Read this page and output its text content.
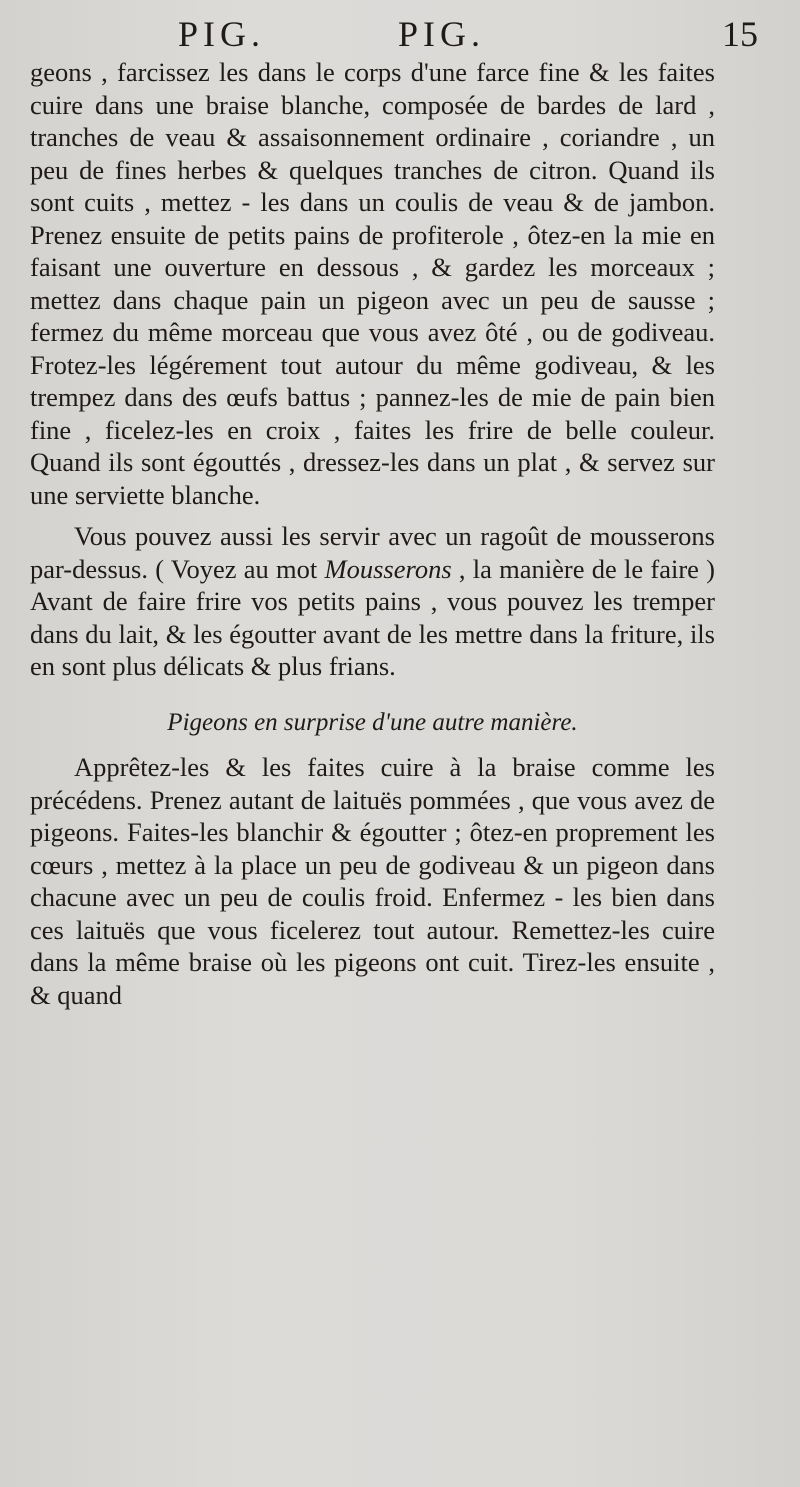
PIG.	PIG.	15

geons , farcissez les dans le corps d'une farce fine & les faites cuire dans une braise blanche, composée de bardes de lard , tranches de veau & assaisonnement ordinaire , coriandre , un peu de fines herbes & quelques tranches de citron. Quand ils sont cuits , mettez - les dans un coulis de veau & de jambon. Prenez ensuite de petits pains de profiterole , ôtez-en la mie en faisant une ouverture en dessous , & gardez les morceaux ; mettez dans chaque pain un pigeon avec un peu de sausse ; fermez du même morceau que vous avez ôté , ou de godiveau. Frotez-les légérement tout autour du même godiveau, & les trempez dans des œufs battus ; pannez-les de mie de pain bien fine , ficelez-les en croix , faites les frire de belle couleur. Quand ils sont égouttés , dressez-les dans un plat , & servez sur une serviette blanche.

Vous pouvez aussi les servir avec un ragoût de mousserons par-dessus. ( Voyez au mot Mousserons , la manière de le faire ) Avant de faire frire vos petits pains , vous pouvez les tremper dans du lait, & les égoutter avant de les mettre dans la friture, ils en sont plus délicats & plus frians.

Pigeons en surprise d'une autre manière.

Apprêtez-les & les faites cuire à la braise comme les précédens. Prenez autant de laituës pommées , que vous avez de pigeons. Faites-les blanchir & égoutter ; ôtez-en proprement les cœurs , mettez à la place un peu de godiveau & un pigeon dans chacune avec un peu de coulis froid. Enfermez - les bien dans ces laituës que vous ficelerez tout autour. Remettez-les cuire dans la même braise où les pigeons ont cuit. Tirez-les ensuite , & quand
